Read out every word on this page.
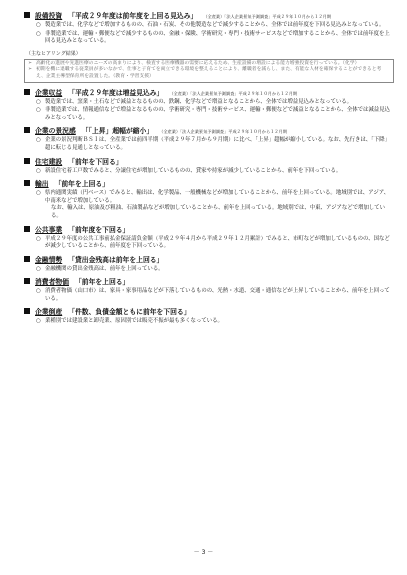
設備投資 「平成２９年度は前年度を上回る見込み」 （全産業）「法人企業景気予測調査」平成２９年１０月から１２月期
○ 製造業では、化学などで増加するものの、石油・石炭、その他製造などで減少することから、全体では前年度を下回る見込みとなっている。
○ 非製造業では、運輸・郵便などで減少するものの、金融・保険、学術研究・専門・技術サービスなどで増加することから、全体では前年度を上回る見込みとなっている。
（主なヒアリング結果）
➢ 高齢化の進展や先進医療のニーズの高まりにより、検査する医療機器の需要に応えるため、生産設備の増設による能力増強投資を行っている。（化学）
➢ 初期を機に退職する従業員が多いなかで、仕事と子育てを両立できる環境を整えることにより、離職者を減らし、また、有能な人材を確保することができると考え、企業主導型保育所を設置した。（教育・学習支援）
企業収益 「平成２９年度は増益見込み」 （全産業）「法人企業景気予測調査」平成２９年１０月から１２月期
○ 製造業では、窯業・土石などで減益となるものの、鉄鋼、化学などで増益となることから、全体では増益見込みとなっている。
○ 非製造業では、情報通信などで増益となるものの、学術研究・専門・技術サービス、運輸・郵便などで減益となることから、全体では減益見込みとなっている。
企業の景況感 「「上昇」超幅が縮小」 （全産業）「法人企業景気予測調査」平成２９年１０月から１２月期
○ 企業の景況判断ＢＳＩは、全産業では前四半期（平成２９年７月から９月期）に比べ、「上昇」超幅が縮小している。なお、先行きは、「下降」超に転じる見通しとなっている。
住宅建設 「前年を下回る」
○ 新設住宅着工戸数でみると、分譲住宅が増加しているものの、貸家や持家が減少していることから、前年を下回っている。
輸出 「前年を上回る」
○ 県内通関実績（円ベース）でみると、輸出は、化学製品、一般機械などが増加していることから、前年を上回っている。地域別では、アジア、中南米などで増加している。
なお、輸入は、原油及び粗油、石油製品などが増加していることから、前年を上回っている。地域別では、中東、アジアなどで増加している。
公共事業 「前年度を下回る」
○ 平成２９年度の公共工事前払金保証請負金額（平成２９年４月から平成２９年１２月累計）でみると、市町などが増加しているものの、国などが減少していることから、前年度を下回っている。
金融情勢 「貸出金残高は前年を上回る」
○ 金融機関の貸出金残高は、前年を上回っている。
消費者物価 「前年を上回る」
○ 消費者物価（山口市）は、家具・家事用品などが下落しているものの、光熱・水道、交通・通信などが上昇していることから、前年を上回っている。
企業倒産 「件数、負債金額ともに前年を下回る」
○ 業種別では建設業と卸売業、原因別では販売不振が最も多くなっている。
－ 3 －
